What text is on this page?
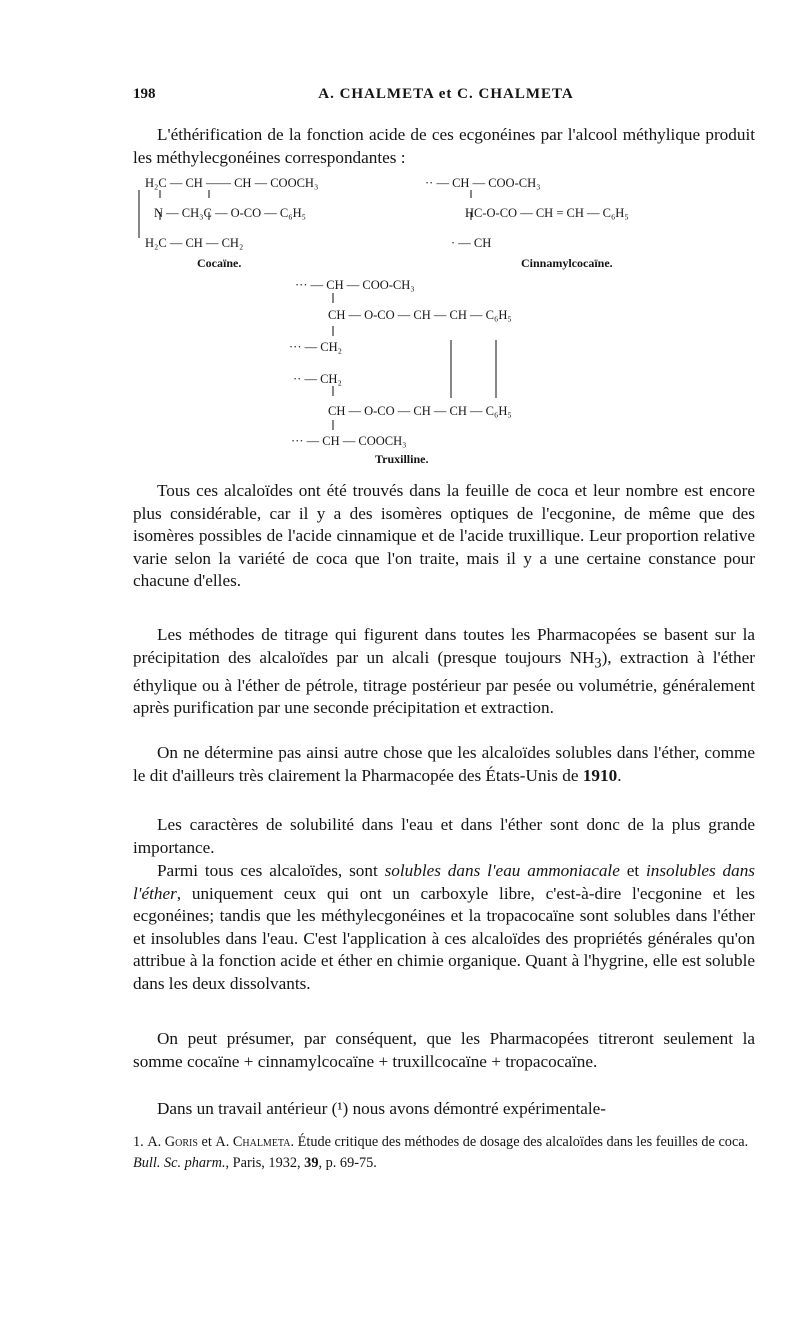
198	A. CHALMETA et C. CHALMETA

L'éthérification de la fonction acide de ces ecgonéines par l'alcool méthylique produit les méthylecgonéines correspondantes :

H₂C — CH —— CH — COOCH₃
N — CH₃C — O-CO — C₆H₅
H₂C — CH — CH₂
Cocaïne.
·· — CH — COO-CH₃
HC-O-CO — CH = CH — C₆H₅
· — CH
Cinnamylcocaïne.
··· — CH — COO-CH₃
CH — O-CO — CH — CH — C₆H₅
··· — CH₂
·· — CH₂
CH — O-CO — CH — CH — C₆H₅
··· — CH — COOCH₃
Truxilline.

Tous ces alcaloïdes ont été trouvés dans la feuille de coca et leur nombre est encore plus considérable, car il y a des isomères optiques de l'ecgonine, de même que des isomères possibles de l'acide cinnamique et de l'acide truxillique. Leur proportion relative varie selon la variété de coca que l'on traite, mais il y a une certaine constance pour chacune d'elles.

Les méthodes de titrage qui figurent dans toutes les Pharmacopées se basent sur la précipitation des alcaloïdes par un alcali (presque toujours $NH_3$), extraction à l'éther éthylique ou à l'éther de pétrole, titrage postérieur par pesée ou volumétrie, généralement après purification par une seconde précipitation et extraction.

On ne détermine pas ainsi autre chose que les alcaloïdes solubles dans l'éther, comme le dit d'ailleurs très clairement la Pharmacopée des États-Unis de 1910.

Les caractères de solubilité dans l'eau et dans l'éther sont donc de la plus grande importance.

Parmi tous ces alcaloïdes, sont solubles dans l'eau ammoniacale et insolubles dans l'éther, uniquement ceux qui ont un carboxyle libre, c'est-à-dire l'ecgonine et les ecgonéines; tandis que les méthylecgonéines et la tropacocaïne sont solubles dans l'éther et insolubles dans l'eau. C'est l'application à ces alcaloïdes des propriétés générales qu'on attribue à la fonction acide et éther en chimie organique. Quant à l'hygrine, elle est soluble dans les deux dissolvants.

On peut présumer, par conséquent, que les Pharmacopées titreront seulement la somme cocaïne + cinnamylcocaïne + truxillcocaïne + tropacocaïne.

Dans un travail antérieur (¹) nous avons démontré expérimentale-

1. A. Goris et A. Chalmeta. Étude critique des méthodes de dosage des alcaloïdes dans les feuilles de coca. Bull. Sc. pharm., Paris, 1932, 39, p. 69-75.
